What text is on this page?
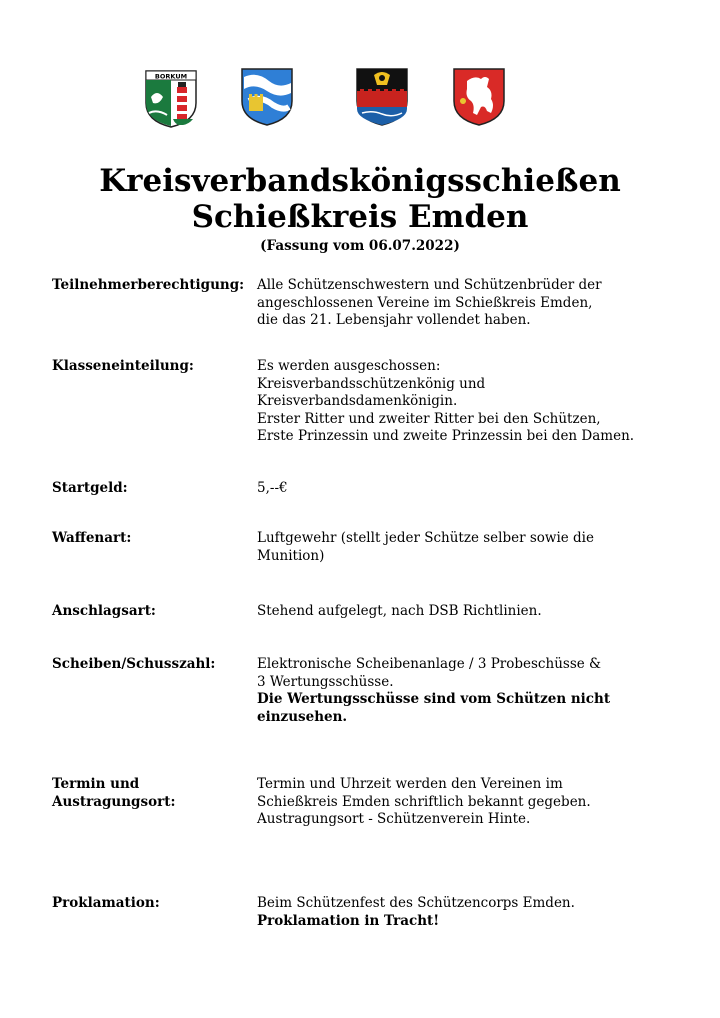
BORKUM
Kreisverbandskönigsschießen
Schießkreis Emden
(Fassung vom 06.07.2022)
Teilnehmerberechtigung: Alle Schützenschwestern und Schützenbrüder der
angeschlossenen Vereine im Schießkreis Emden,
die das 21. Lebensjahr vollendet haben.
Klasseneinteilung:	Es werden ausgeschossen:
Kreisverbandsschützenkönig und
Kreisverbandsdamenkönigin.
Erster Ritter und zweiter Ritter bei den Schützen,
Erste Prinzessin und zweite Prinzessin bei den Damen.
Startgeld:	5,--€
Waffenart:	Luftgewehr (stellt jeder Schütze selber sowie die
Munition)
Anschlagsart:	Stehend aufgelegt, nach DSB Richtlinien.
Scheiben/Schusszahl:	Elektronische Scheibenanlage / 3 Probeschüsse &
3 Wertungsschüsse.
Die Wertungsschüsse sind vom Schützen nicht
einzusehen.
Termin und
Austragungsort:
Termin und Uhrzeit werden den Vereinen im
Schießkreis Emden schriftlich bekannt gegeben.
Austragungsort - Schützenverein Hinte.
Proklamation:	Beim Schützenfest des Schützencorps Emden.
Proklamation in Tracht!
